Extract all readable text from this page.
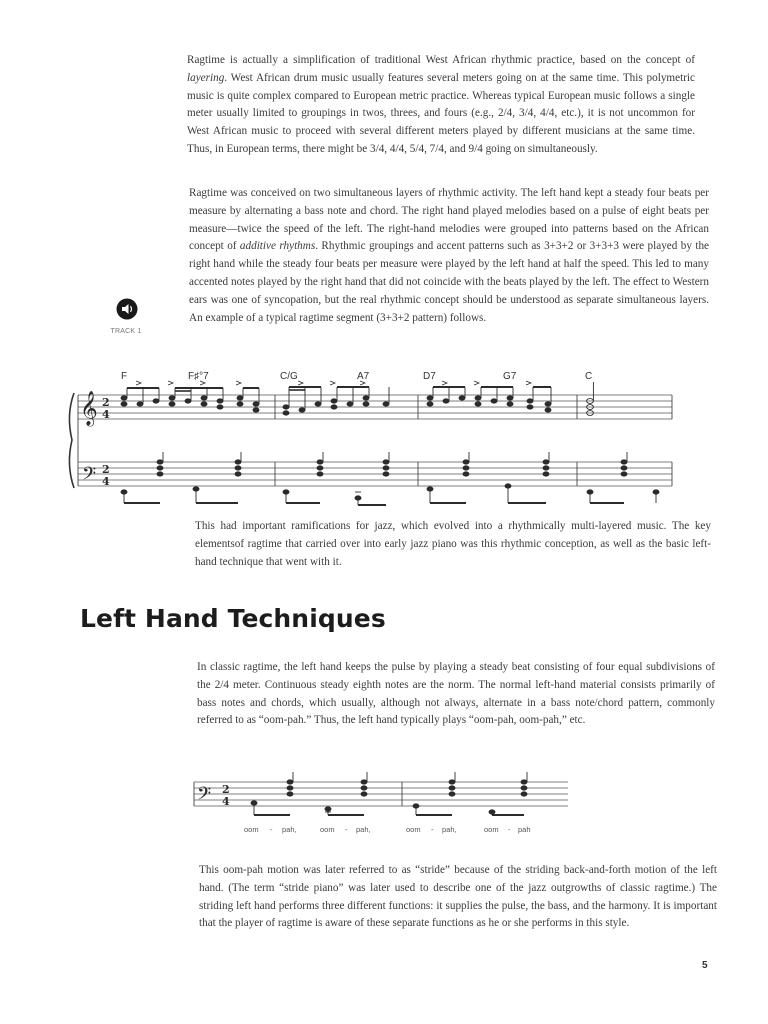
Ragtime is actually a simplification of traditional West African rhythmic practice, based on the concept of layering. West African drum music usually features several meters going on at the same time. This polymetric music is quite complex compared to European metric practice. Whereas typical European music follows a single meter usually limited to groupings in twos, threes, and fours (e.g., 2/4, 3/4, 4/4, etc.), it is not uncommon for West African music to proceed with several different meters played by different musicians at the same time. Thus, in European terms, there might be 3/4, 4/4, 5/4, 7/4, and 9/4 going on simultaneously.

Ragtime was conceived on two simultaneous layers of rhythmic activity. The left hand kept a steady four beats per measure by alternating a bass note and chord. The right hand played melodies based on a pulse of eight beats per measure—twice the speed of the left. The right-hand melodies were grouped into patterns based on the African concept of additive rhythms. Rhythmic groupings and accent patterns such as 3+3+2 or 3+3+3 were played by the right hand while the steady four beats per measure were played by the left hand at half the speed. This led to many accented notes played by the right hand that did not coincide with the beats played by the left. The effect to Western ears was one of syncopation, but the real rhythmic concept should be understood as separate simultaneous layers. An example of a typical ragtime segment (3+3+2 pattern) follows.

TRACK 1
F	F♯°7	C/G	A7	D7	G7	C
𝄞
𝄢
2
4
2
4
This had important ramifications for jazz, which evolved into a rhythmically multi-layered music. The key elementsof ragtime that carried over into early jazz piano was this rhythmic conception, as well as the basic left-hand technique that went with it.
Left Hand Techniques
In classic ragtime, the left hand keeps the pulse by playing a steady beat consisting of four equal subdivisions of the 2/4 meter. Continuous steady eighth notes are the norm. The normal left-hand material consists primarily of bass notes and chords, which usually, although not always, alternate in a bass note/chord pattern, commonly referred to as “oom-pah.” Thus, the left hand typically plays “oom-pah, oom-pah,” etc.
𝄢 2
4
oom - pah,	oom - pah,	oom - pah,	oom - pah
This oom-pah motion was later referred to as “stride” because of the striding back-and-forth motion of the left hand. (The term “stride piano” was later used to describe one of the jazz outgrowths of classic ragtime.) The striding left hand performs three different functions: it supplies the pulse, the bass, and the harmony. It is important that the player of ragtime is aware of these separate functions as he or she performs in this style.
5
